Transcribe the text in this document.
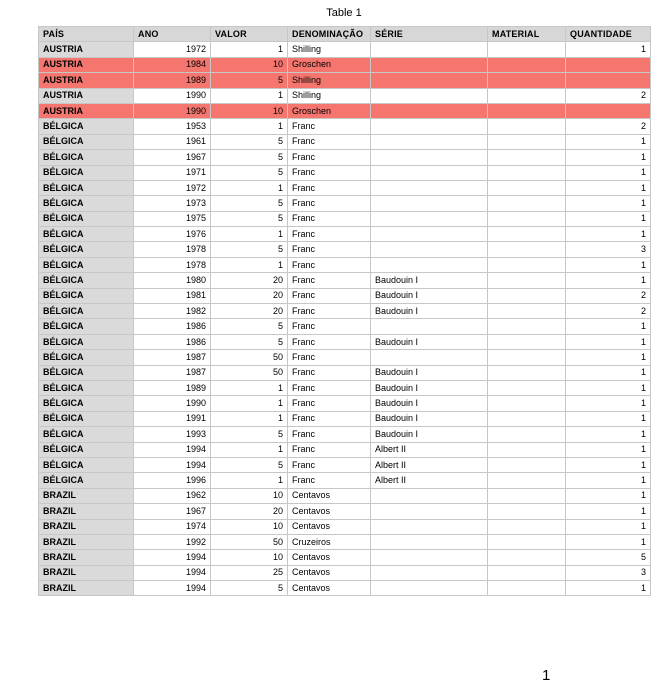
Table 1
PAÍS	ANO	VALOR	DENOMINAÇÃO	SÉRIE	MATERIAL	QUANTIDADE
AUSTRIA	1972	1	Shilling			1
AUSTRIA	1984	10	Groschen			
AUSTRIA	1989	5	Shilling			
AUSTRIA	1990	1	Shilling			2
AUSTRIA	1990	10	Groschen			
BÉLGICA	1953	1	Franc			2
BÉLGICA	1961	5	Franc			1
BÉLGICA	1967	5	Franc			1
BÉLGICA	1971	5	Franc			1
BÉLGICA	1972	1	Franc			1
BÉLGICA	1973	5	Franc			1
BÉLGICA	1975	5	Franc			1
BÉLGICA	1976	1	Franc			1
BÉLGICA	1978	5	Franc			3
BÉLGICA	1978	1	Franc			1
BÉLGICA	1980	20	Franc	Baudouin I		1
BÉLGICA	1981	20	Franc	Baudouin I		2
BÉLGICA	1982	20	Franc	Baudouin I		2
BÉLGICA	1986	5	Franc			1
BÉLGICA	1986	5	Franc	Baudouin I		1
BÉLGICA	1987	50	Franc			1
BÉLGICA	1987	50	Franc	Baudouin I		1
BÉLGICA	1989	1	Franc	Baudouin I		1
BÉLGICA	1990	1	Franc	Baudouin I		1
BÉLGICA	1991	1	Franc	Baudouin I		1
BÉLGICA	1993	5	Franc	Baudouin I		1
BÉLGICA	1994	1	Franc	Albert II		1
BÉLGICA	1994	5	Franc	Albert II		1
BÉLGICA	1996	1	Franc	Albert II		1
BRAZIL	1962	10	Centavos			1
BRAZIL	1967	20	Centavos			1
BRAZIL	1974	10	Centavos			1
BRAZIL	1992	50	Cruzeiros			1
BRAZIL	1994	10	Centavos			5
BRAZIL	1994	25	Centavos			3
BRAZIL	1994	5	Centavos			1
1
